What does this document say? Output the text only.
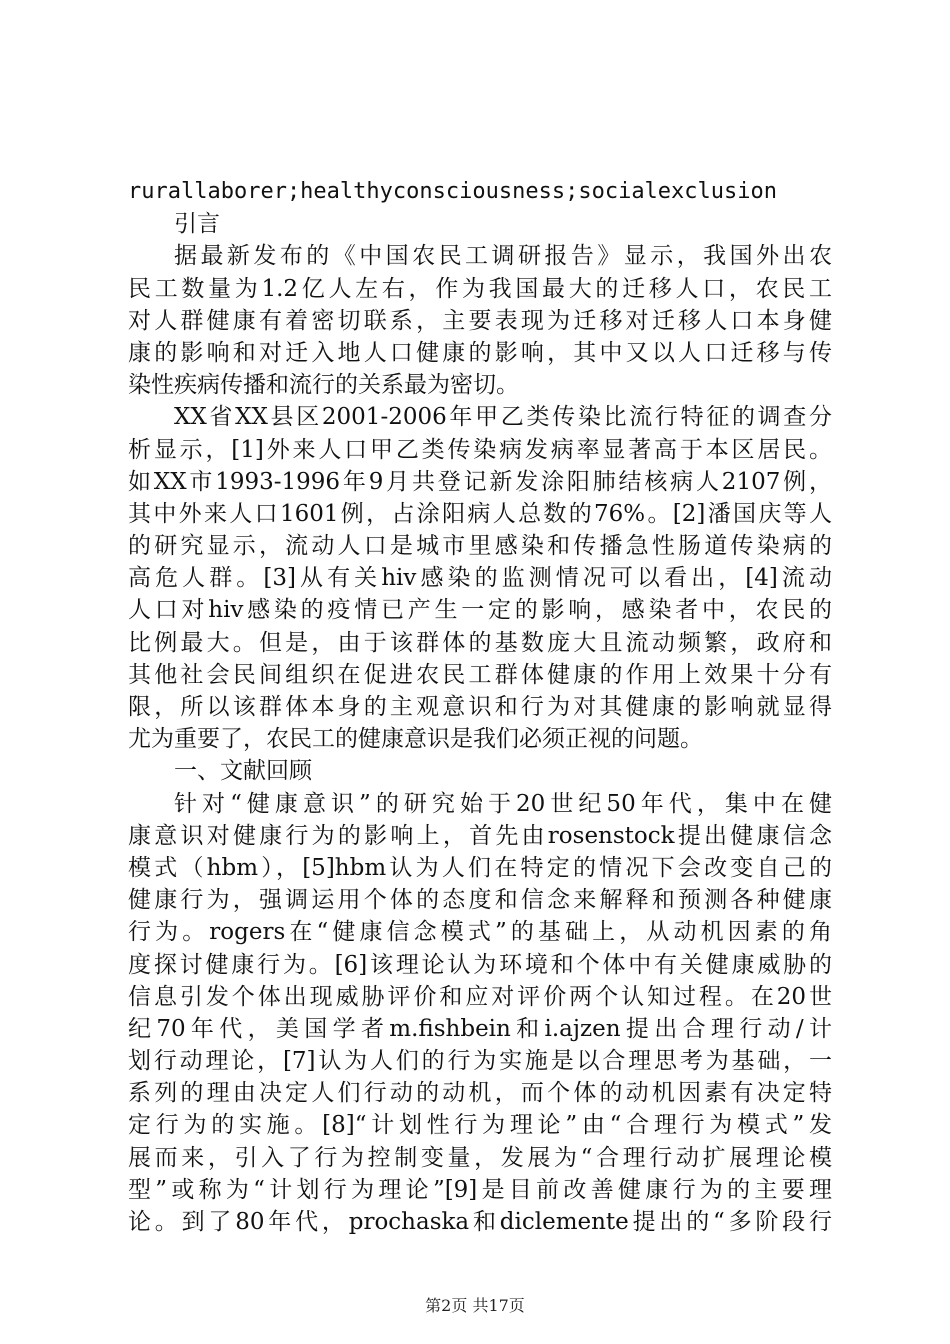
rurallaborer;healthyconsciousness;socialexclusion
引言
据最新发布的《中国农民工调研报告》显示，我国外出农
民工数量为1.2亿人左右，作为我国最大的迁移人口，农民工
对人群健康有着密切联系，主要表现为迁移对迁移人口本身健
康的影响和对迁入地人口健康的影响，其中又以人口迁移与传
染性疾病传播和流行的关系最为密切。
XX省XX县区2001-2006年甲乙类传染比流行特征的调查分
析显示，[1]外来人口甲乙类传染病发病率显著高于本区居民。
如XX市1993-1996年9月共登记新发涂阳肺结核病人2107例，
其中外来人口1601例，占涂阳病人总数的76%。[2]潘国庆等人
的研究显示，流动人口是城市里感染和传播急性肠道传染病的
高危人群。[3]从有关hiv感染的监测情况可以看出，[4]流动
人口对hiv感染的疫情已产生一定的影响，感染者中，农民的
比例最大。但是，由于该群体的基数庞大且流动频繁，政府和
其他社会民间组织在促进农民工群体健康的作用上效果十分有
限，所以该群体本身的主观意识和行为对其健康的影响就显得
尤为重要了，农民工的健康意识是我们必须正视的问题。
一、文献回顾
针对“健康意识”的研究始于20世纪50年代，集中在健
康意识对健康行为的影响上，首先由rosenstock提出健康信念
模式（hbm），[5]hbm认为人们在特定的情况下会改变自己的
健康行为，强调运用个体的态度和信念来解释和预测各种健康
行为。rogers在“健康信念模式”的基础上，从动机因素的角
度探讨健康行为。[6]该理论认为环境和个体中有关健康威胁的
信息引发个体出现威胁评价和应对评价两个认知过程。在20世
纪70年代，美国学者m.fishbein和i.ajzen提出合理行动/计
划行动理论，[7]认为人们的行为实施是以合理思考为基础，一
系列的理由决定人们行动的动机，而个体的动机因素有决定特
定行为的实施。[8]“计划性行为理论”由“合理行为模式”发
展而来，引入了行为控制变量，发展为“合理行动扩展理论模
型”或称为“计划行为理论”[9]是目前改善健康行为的主要理
论。到了80年代，prochaska和diclemente提出的“多阶段行
第2页 共17页
